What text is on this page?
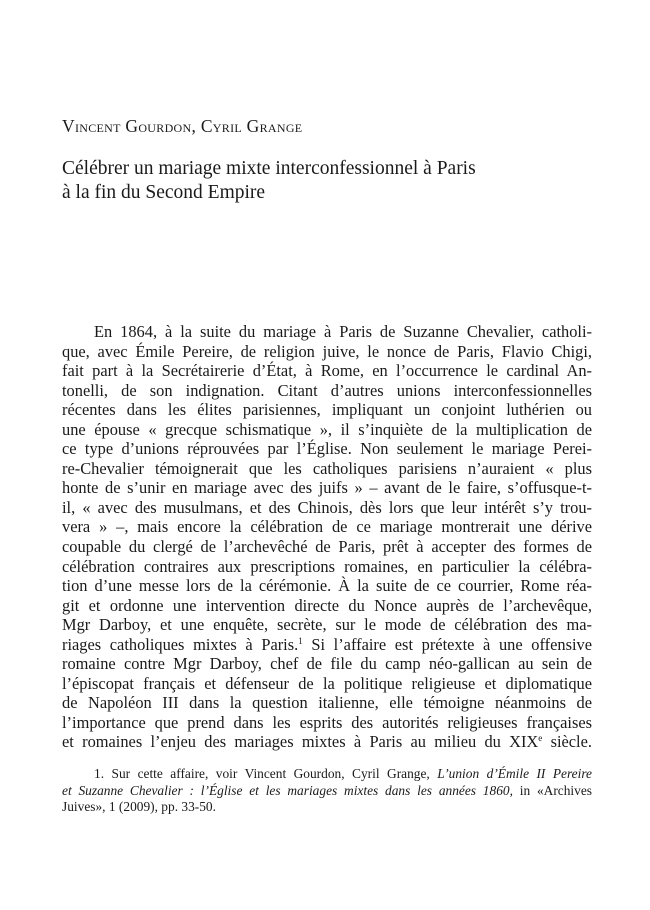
Vincent Gourdon, Cyril Grange

Célébrer un mariage mixte interconfessionnel à Paris
à la fin du Second Empire
En 1864, à la suite du mariage à Paris de Suzanne Chevalier, catholi-
que, avec Émile Pereire, de religion juive, le nonce de Paris, Flavio Chigi,
fait part à la Secrétairerie d’État, à Rome, en l’occurrence le cardinal An-
tonelli, de son indignation. Citant d’autres unions interconfessionnelles
récentes dans les élites parisiennes, impliquant un conjoint luthérien ou
une épouse « grecque schismatique », il s’inquiète de la multiplication de
ce type d’unions réprouvées par l’Église. Non seulement le mariage Perei-
re-Chevalier témoignerait que les catholiques parisiens n’auraient « plus
honte de s’unir en mariage avec des juifs » – avant de le faire, s’offusque-t-
il, « avec des musulmans, et des Chinois, dès lors que leur intérêt s’y trou-
vera » –, mais encore la célébration de ce mariage montrerait une dérive
coupable du clergé de l’archevêché de Paris, prêt à accepter des formes de
célébration contraires aux prescriptions romaines, en particulier la célébra-
tion d’une messe lors de la cérémonie. À la suite de ce courrier, Rome réa-
git et ordonne une intervention directe du Nonce auprès de l’archevêque,
Mgr Darboy, et une enquête, secrète, sur le mode de célébration des ma-
riages catholiques mixtes à Paris.$^1$ Si l’affaire est prétexte à une offensive
romaine contre Mgr Darboy, chef de file du camp néo-gallican au sein de
l’épiscopat français et défenseur de la politique religieuse et diplomatique
de Napoléon III dans la question italienne, elle témoigne néanmoins de
l’importance que prend dans les esprits des autorités religieuses françaises
et romaines l’enjeu des mariages mixtes à Paris au milieu du XIXe siècle.
1. Sur cette affaire, voir Vincent Gourdon, Cyril Grange, L’union d’Émile II Pereire
et Suzanne Chevalier : l’Église et les mariages mixtes dans les années 1860, in «Archives
Juives», 1 (2009), pp. 33-50.
